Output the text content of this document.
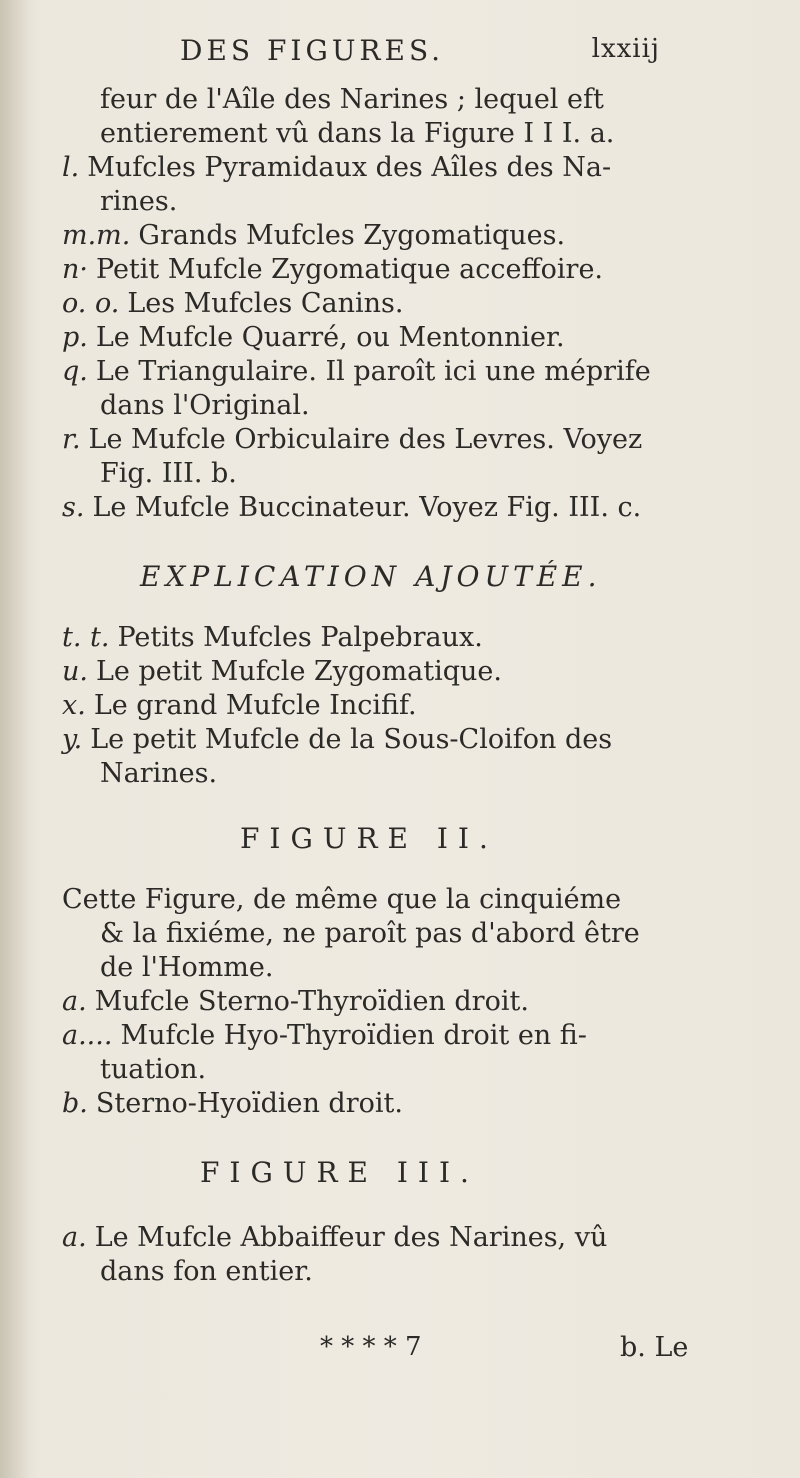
DES FIGURES.	lxxiij
feur de l'Aîle des Narines ; lequel eft
entierement vû dans la Figure I I I. a.
l. Mufcles Pyramidaux des Aîles des Na-
rines.
m.m. Grands Mufcles Zygomatiques.
n· Petit Mufcle Zygomatique acceffoire.
o. o. Les Mufcles Canins.
p. Le Mufcle Quarré, ou Mentonnier.
q. Le Triangulaire. Il paroît ici une méprife
dans l'Original.
r. Le Mufcle Orbiculaire des Levres. Voyez
Fig. III. b.
s. Le Mufcle Buccinateur. Voyez Fig. III. c.
EXPLICATION AJOUTÉE.
t. t. Petits Mufcles Palpebraux.
u. Le petit Mufcle Zygomatique.
x. Le grand Mufcle Incifif.
y. Le petit Mufcle de la Sous-Cloifon des
Narines.
FIGURE II.
Cette Figure, de même que la cinquiéme
& la fixiéme, ne paroît pas d'abord être
de l'Homme.
a. Mufcle Sterno-Thyroïdien droit.
a.... Mufcle Hyo-Thyroïdien droit en fi-
tuation.
b. Sterno-Hyoïdien droit.
FIGURE III.
a. Le Mufcle Abbaiffeur des Narines, vû
dans fon entier.
* * * * 7	b. Le
